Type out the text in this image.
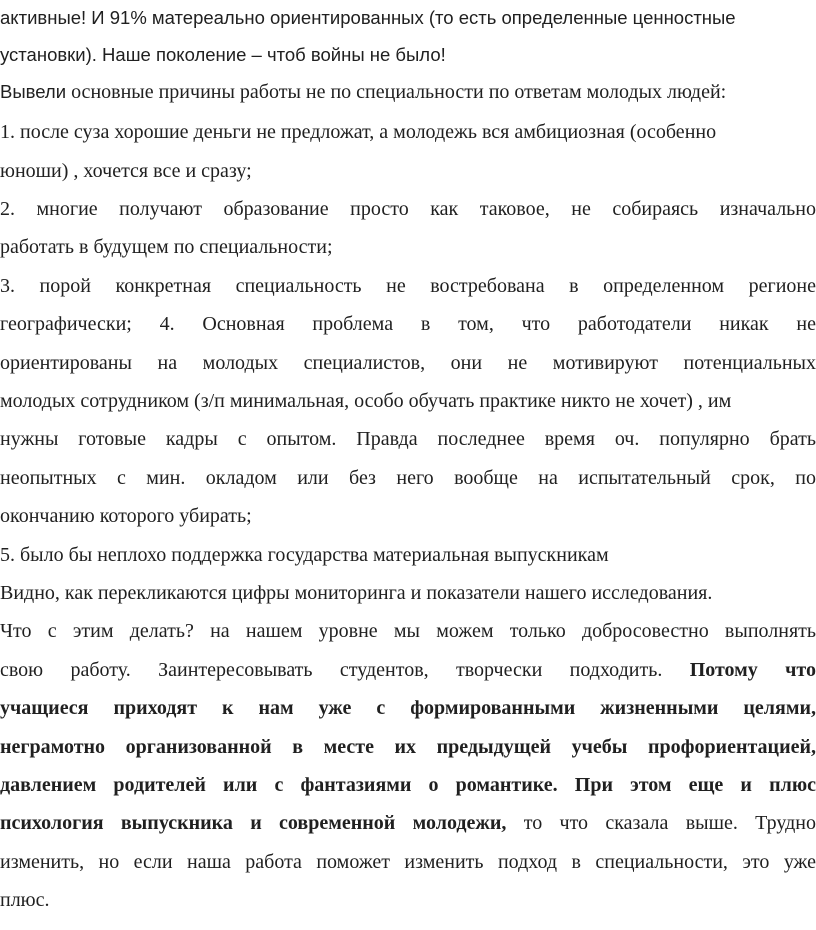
активные! И 91% матереально ориентированных (то есть определенные ценностные
установки). Наше поколение – чтоб войны не было!
Вывели основные причины работы не по специальности по ответам молодых людей:
1. после суза хорошие деньги не предложат, а молодежь вся амбициозная (особенно
юноши) , хочется все и сразу;
2. многие получают образование просто как таковое, не собираясь изначально
работать в будущем по специальности;
3. порой конкретная специальность не востребована в определенном регионе
географически; 4. Основная проблема в том, что работодатели никак не
ориентированы на молодых специалистов, они не мотивируют потенциальных
молодых сотрудником (з/п минимальная, особо обучать практике никто не хочет) , им
нужны готовые кадры с опытом. Правда последнее время оч. популярно брать
неопытных с мин. окладом или без него вообще на испытательный срок, по
окончанию которого убирать;
5. было бы неплохо поддержка государства материальная выпускникам
Видно, как перекликаются цифры мониторинга и показатели нашего исследования.
Что с этим делать? на нашем уровне мы можем только добросовестно выполнять
свою работу. Заинтересовывать студентов, творчески подходить. Потому что
учащиеся приходят к нам уже с формированными жизненными целями,
неграмотно организованной в месте их предыдущей учебы профориентацией,
давлением родителей или с фантазиями о романтике. При этом еще и плюс
психология выпускника и современной молодежи, то что сказала выше. Трудно
изменить, но если наша работа поможет изменить подход в специальности, это уже
плюс.
